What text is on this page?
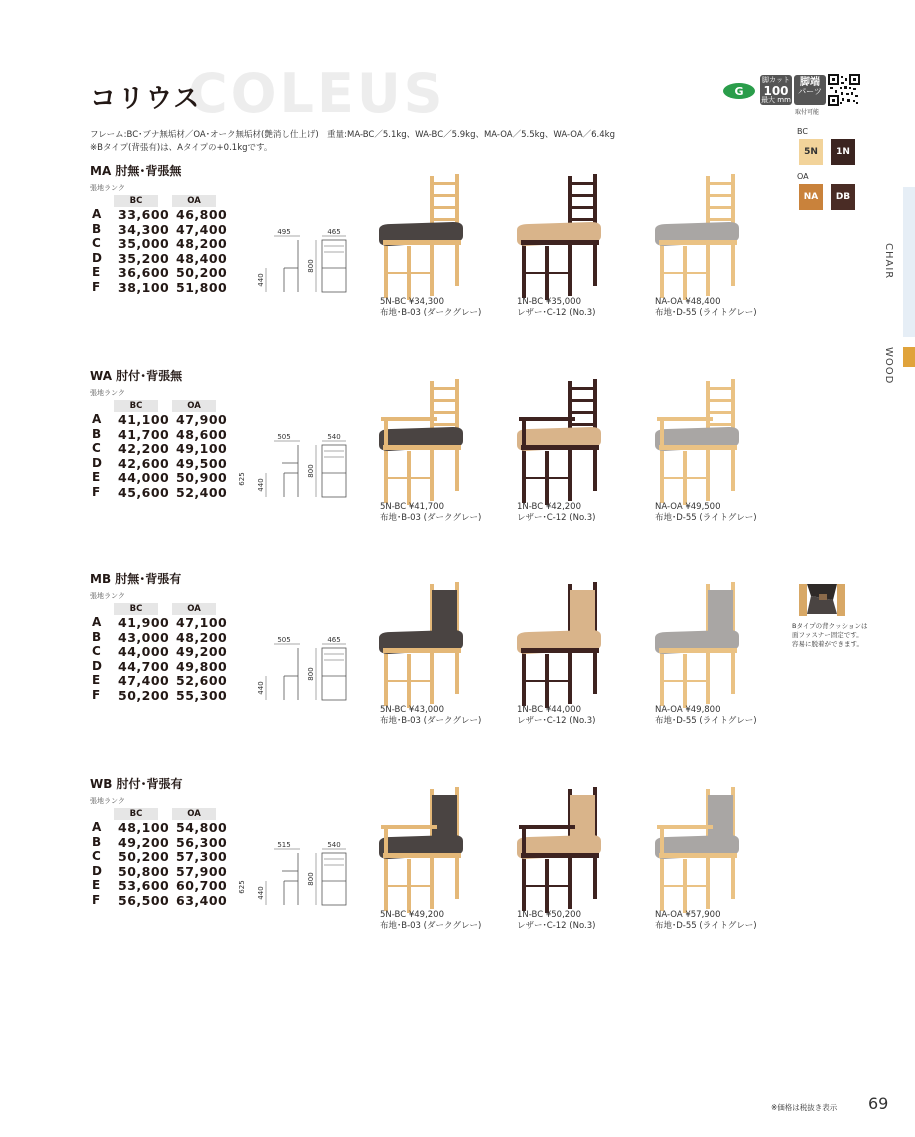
COLEUS
コリウス	G
脚カット
100
最大 mm
脚端
パーツ
取付可能
フレーム:BC･ブナ無垢材／OA･オーク無垢材(艶消し仕上げ)　重量:MA-BC／5.1kg、WA-BC／5.9kg、MA-OA／5.5kg、WA-OA／6.4kg
※Bタイプ(背張有)は、Aタイプの+0.1kgです。
BC
5N 1N
OA
NA DB
CHAIR
WOOD
MA 肘無･背張無
張地ランク
BC	OA
A 33,600 46,800
B 34,300 47,400
C 35,000 48,200
D 35,200 48,400
E 36,600 50,200
F 38,100 51,800
495	465
800
440
5N-BC ¥34,300
布地･B-03 (ダークグレー)
1N-BC ¥35,000
レザー･C-12 (No.3)
NA-OA ¥48,400
布地･D-55 (ライトグレー)
WA 肘付･背張無
張地ランク
BC	OA
A 41,100 47,900
B 41,700 48,600
C 42,200 49,100
D 42,600 49,500
E 44,000 50,900
F 45,600 52,400
505	540
800
440
625
5N-BC ¥41,700
布地･B-03 (ダークグレー)
1N-BC ¥42,200
レザー･C-12 (No.3)
NA-OA ¥49,500
布地･D-55 (ライトグレー)
MB 肘無･背張有
張地ランク
BC	OA
A 41,900 47,100
B 43,000 48,200
C 44,000 49,200
D 44,700 49,800
E 47,400 52,600
F 50,200 55,300
505	465
800
440
5N-BC ¥43,000
布地･B-03 (ダークグレー)
1N-BC ¥44,000
レザー･C-12 (No.3)
NA-OA ¥49,800
布地･D-55 (ライトグレー)
WB 肘付･背張有
張地ランク
BC	OA
A 48,100 54,800
B 49,200 56,300
C 50,200 57,300
D 50,800 57,900
E 53,600 60,700
F 56,500 63,400
515	540
800
440
625
5N-BC ¥49,200
布地･B-03 (ダークグレー)
1N-BC ¥50,200
レザー･C-12 (No.3)
NA-OA ¥57,900
布地･D-55 (ライトグレー)
Bタイプの背クッションは
面ファスナー固定です。
容易に脱着ができます。
※価格は税抜き表示 69
